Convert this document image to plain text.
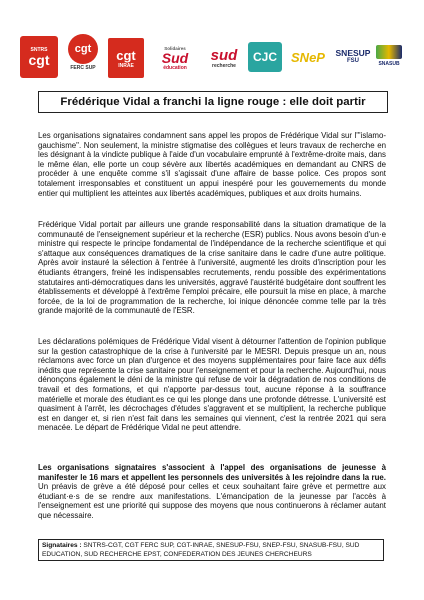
SNTRS
cgt
cgt
FERC SUP
cgt
INRAE
Solidaires
Sud
éducation
sud
recherche
CJC SNeP SNESUP
FSU	SNASUB
Frédérique Vidal a franchi la ligne rouge : elle doit partir

Les organisations signataires condamnent sans appel les propos de Frédérique Vidal sur l'"islamo-gauchisme". Non seulement, la ministre stigmatise des collègues et leurs travaux de recherche en les désignant à la vindicte publique à l'aide d'un vocabulaire emprunté à l'extrême-droite mais, dans le même élan, elle porte un coup sévère aux libertés académiques en demandant au CNRS de procéder à une enquête comme s'il s'agissait d'une affaire de basse police. Ces propos sont totalement irresponsables et constituent un appui inespéré pour les gouvernements du monde entier qui multiplient les atteintes aux libertés académiques, publiques et aux droits humains.

Frédérique Vidal portait par ailleurs une grande responsabilité dans la situation dramatique de la communauté de l'enseignement supérieur et la recherche (ESR) publics. Nous avons besoin d'un·e ministre qui respecte le principe fondamental de l'indépendance de la recherche scientifique et qui s'attaque aux conséquences dramatiques de la crise sanitaire dans le cadre d'une autre politique. Après avoir instauré la sélection à l'entrée à l'université, augmenté les droits d'inscription pour les étudiants étrangers, freiné les indispensables recrutements, rendu possible des expérimentations statutaires anti-démocratiques dans les universités, aggravé l'austérité budgétaire dont souffrent les établissements et développé à l'extrême l'emploi précaire, elle poursuit la mise en place, à marche forcée, de la loi de programmation de la recherche, loi inique dénoncée comme telle par la très grande majorité de la communauté de l'ESR.

Les déclarations polémiques de Frédérique Vidal visent à détourner l'attention de l'opinion publique sur la gestion catastrophique de la crise à l'université par le MESRI. Depuis presque un an, nous réclamons avec force un plan d'urgence et des moyens supplémentaires pour faire face aux défis inédits que représente la crise sanitaire pour l'enseignement et pour la recherche. Aujourd'hui, nous dénonçons également le déni de la ministre qui refuse de voir la dégradation de nos conditions de travail et des formations, et qui n'apporte par-dessus tout, aucune réponse à la souffrance matérielle et morale des étudiant.es ce qui les plonge dans une profonde détresse. L'université est quasiment à l'arrêt, les décrochages d'études s'aggravent et se multiplient, la recherche publique est en danger et, si rien n'est fait dans les semaines qui viennent, c'est la rentrée 2021 qui sera menacée. Le départ de Frédérique Vidal ne peut attendre.

Les organisations signataires s'associent à l'appel des organisations de jeunesse à manifester le 16 mars et appellent les personnels des universités à les rejoindre dans la rue. Un préavis de grève a été déposé pour celles et ceux souhaitant faire grève et permettre aux étudiant·e·s de se rendre aux manifestations. L'émancipation de la jeunesse par l'accès à l'enseignement est une priorité qui suppose des moyens que nous continuerons à réclamer autant que nécessaire.

Signataires : SNTRS-CGT, CGT FERC SUP, CGT-INRAE, SNESUP-FSU, SNEP-FSU, SNASUB-FSU, SUD EDUCATION, SUD RECHERCHE EPST, CONFEDERATION DES JEUNES CHERCHEURS
